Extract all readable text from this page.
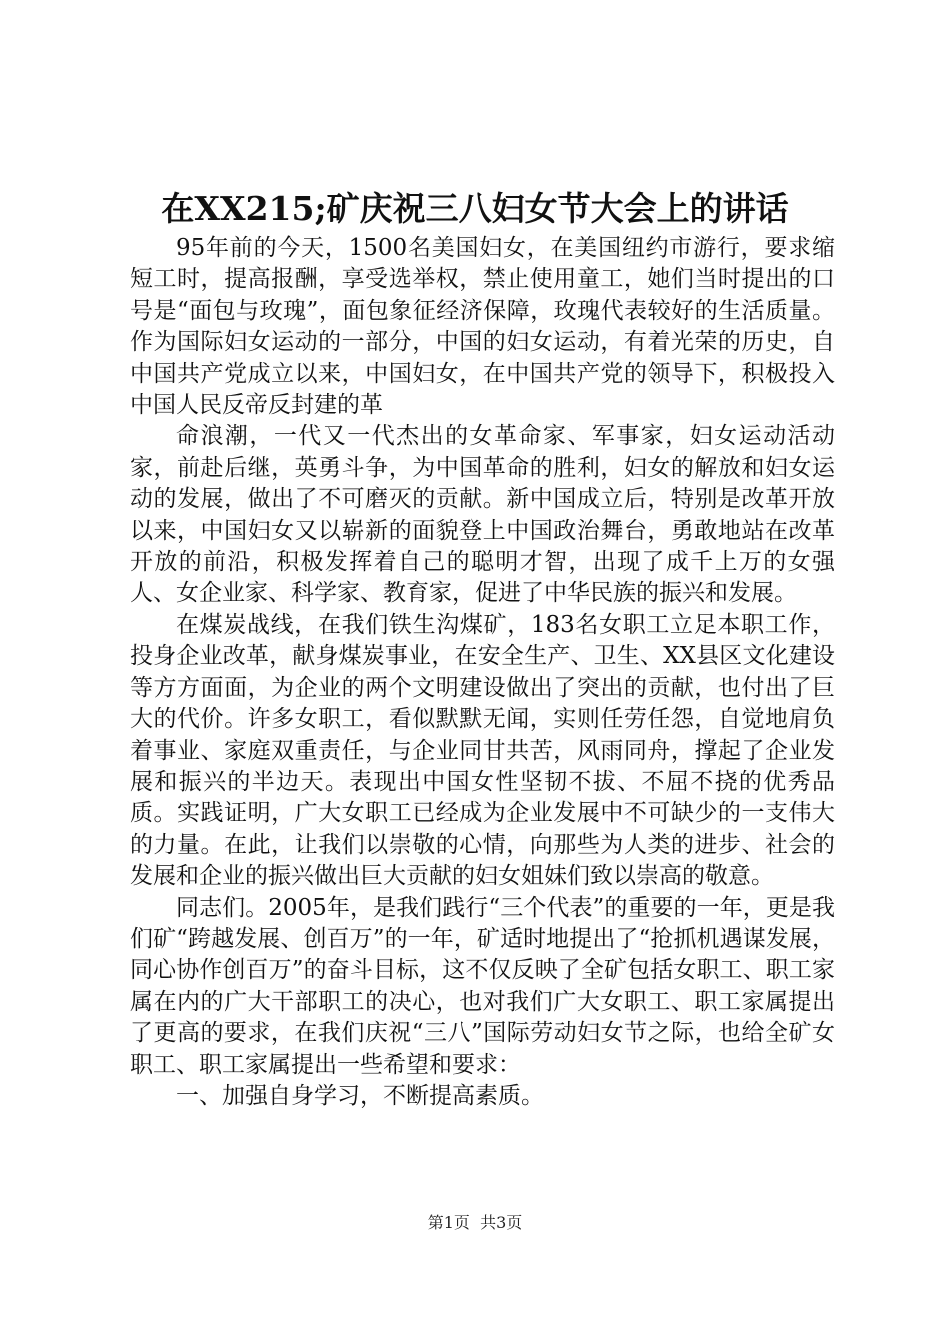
在XX215;矿庆祝三八妇女节大会上的讲话

95年前的今天，1500名美国妇女，在美国纽约市游行，要求缩短工时，提高报酬，享受选举权，禁止使用童工，她们当时提出的口号是“面包与玫瑰”，面包象征经济保障，玫瑰代表较好的生活质量。作为国际妇女运动的一部分，中国的妇女运动，有着光荣的历史，自中国共产党成立以来，中国妇女，在中国共产党的领导下，积极投入中国人民反帝反封建的革

命浪潮，一代又一代杰出的女革命家、军事家，妇女运动活动家，前赴后继，英勇斗争，为中国革命的胜利，妇女的解放和妇女运动的发展，做出了不可磨灭的贡献。新中国成立后，特别是改革开放以来，中国妇女又以崭新的面貌登上中国政治舞台，勇敢地站在改革开放的前沿，积极发挥着自己的聪明才智，出现了成千上万的女强人、女企业家、科学家、教育家，促进了中华民族的振兴和发展。

在煤炭战线，在我们铁生沟煤矿，183名女职工立足本职工作，投身企业改革，献身煤炭事业，在安全生产、卫生、XX县区文化建设等方方面面，为企业的两个文明建设做出了突出的贡献，也付出了巨大的代价。许多女职工，看似默默无闻，实则任劳任怨，自觉地肩负着事业、家庭双重责任，与企业同甘共苦，风雨同舟，撑起了企业发展和振兴的半边天。表现出中国女性坚韧不拔、不屈不挠的优秀品质。实践证明，广大女职工已经成为企业发展中不可缺少的一支伟大的力量。在此，让我们以崇敬的心情，向那些为人类的进步、社会的发展和企业的振兴做出巨大贡献的妇女姐妹们致以崇高的敬意。

同志们。2005年，是我们践行“三个代表”的重要的一年，更是我们矿“跨越发展、创百万”的一年，矿适时地提出了“抢抓机遇谋发展，同心协作创百万”的奋斗目标，这不仅反映了全矿包括女职工、职工家属在内的广大干部职工的决心，也对我们广大女职工、职工家属提出了更高的要求，在我们庆祝“三八”国际劳动妇女节之际，也给全矿女职工、职工家属提出一些希望和要求：

一、加强自身学习，不断提高素质。

第1页 共3页
